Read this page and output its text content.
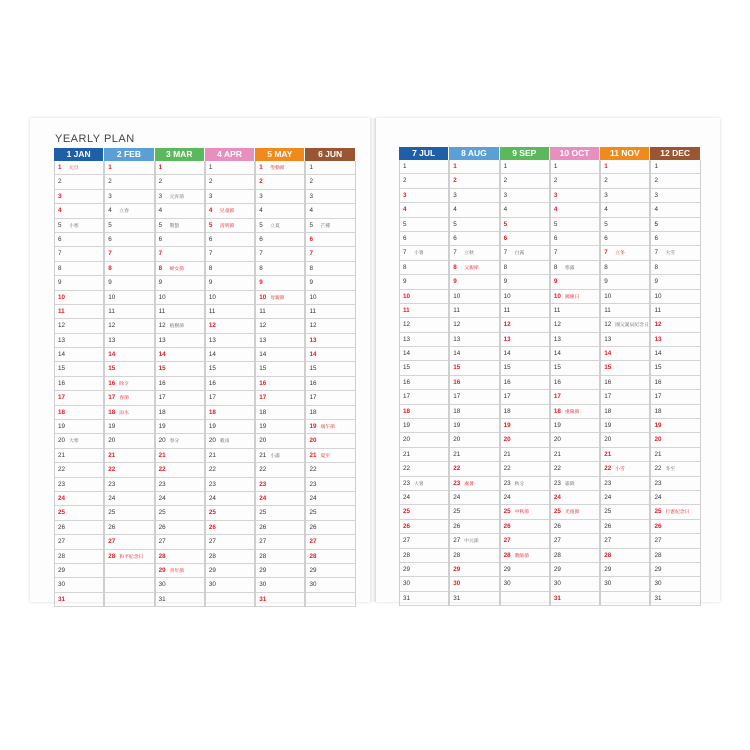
YEARLY PLAN
1 JAN
1 元旦
2
3
4
5 小寒
6
7
8
9
10
11
12
13
14
15
16
17
18
19
20 大寒
21
22
23
24
25
26
27
28
29
30
31
2 FEB
1
2
3
4 立春
5
6
7
8
9
10
11
12
13
14
15
16 除夕
17 春節
18 雨水
19
20
21
22
23
24
25
26
27
28 和平紀念日
3 MAR
1
2
3 元宵節
4
5 驚蟄
6
7
8 婦女節
9
10
11
12 植樹節
13
14
15
16
17
18
19
20 春分
21
22
23
24
25
26
27
28
29 青年節
30
31
4 APR
1
2
3
4 兒童節
5 清明節
6
7
8
9
10
11
12
13
14
15
16
17
18
19
20 穀雨
21
22
23
24
25
26
27
28
29
30
5 MAY
1 勞動節
2
3
4
5 立夏
6
7
8
9
10 母親節
11
12
13
14
15
16
17
18
19
20
21 小滿
22
23
24
25
26
27
28
29
30
31
6 JUN
1
2
3
4
5 芒種
6
7
8
9
10
11
12
13
14
15
16
17
18
19 端午節
20
21 夏至
22
23
24
25
26
27
28
29
30
7 JUL
1
2
3
4
5
6
7 小暑
8
9
10
11
12
13
14
15
16
17
18
19
20
21
22
23 大暑
24
25
26
27
28
29
30
31
8 AUG
1
2
3
4
5
6
7 立秋
8 父親節
9
10
11
12
13
14
15
16
17
18
19
20
21
22
23 處暑
24
25
26
27 中元節
28
29
30
31
9 SEP
1
2
3
4
5
6
7 白露
8
9
10
11
12
13
14
15
16
17
18
19
20
21
22
23 秋分
24
25 中秋節
26
27
28 教師節
29
30
10 OCT
1
2
3
4
5
6
7
8 寒露
9
10 國慶日
11
12
13
14
15
16
17
18 重陽節
19
20
21
22
23 霜降
24
25 光復節
26
27
28
29
30
31
11 NOV
1
2
3
4
5
6
7 立冬
8
9
10
11
12 國父誕辰紀念日
13
14
15
16
17
18
19
20
21
22 小雪
23
24
25
26
27
28
29
30
12 DEC
1
2
3
4
5
6
7 大雪
8
9
10
11
12
13
14
15
16
17
18
19
20
21
22 冬至
23
24
25 行憲紀念日
26
27
28
29
30
31
